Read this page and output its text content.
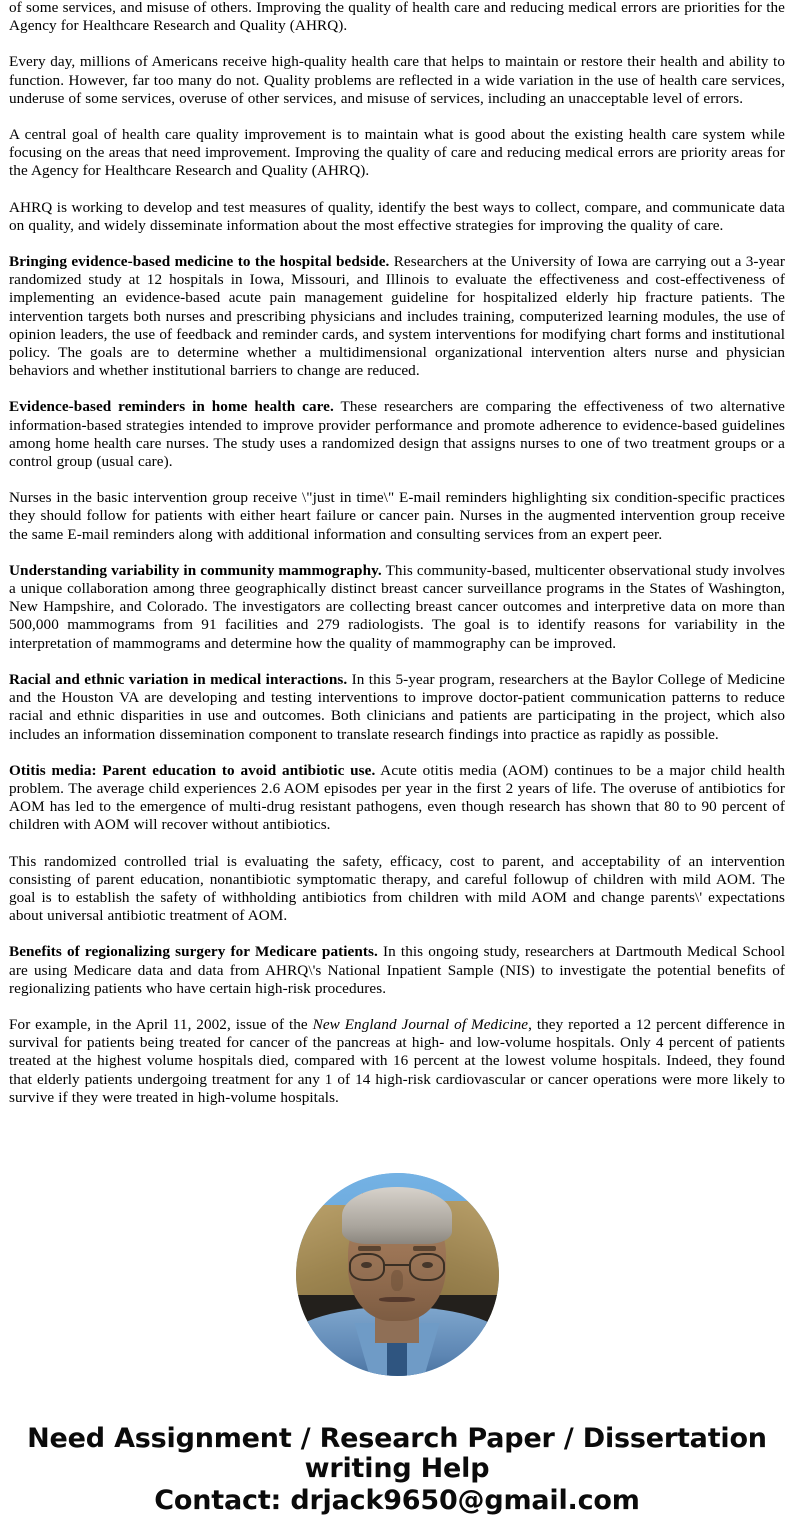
of some services, and misuse of others. Improving the quality of health care and reducing medical errors are priorities for the Agency for Healthcare Research and Quality (AHRQ).

Every day, millions of Americans receive high-quality health care that helps to maintain or restore their health and ability to function. However, far too many do not. Quality problems are reflected in a wide variation in the use of health care services, underuse of some services, overuse of other services, and misuse of services, including an unacceptable level of errors.

A central goal of health care quality improvement is to maintain what is good about the existing health care system while focusing on the areas that need improvement. Improving the quality of care and reducing medical errors are priority areas for the Agency for Healthcare Research and Quality (AHRQ).

AHRQ is working to develop and test measures of quality, identify the best ways to collect, compare, and communicate data on quality, and widely disseminate information about the most effective strategies for improving the quality of care.

Bringing evidence-based medicine to the hospital bedside. Researchers at the University of Iowa are carrying out a 3-year randomized study at 12 hospitals in Iowa, Missouri, and Illinois to evaluate the effectiveness and cost-effectiveness of implementing an evidence-based acute pain management guideline for hospitalized elderly hip fracture patients. The intervention targets both nurses and prescribing physicians and includes training, computerized learning modules, the use of opinion leaders, the use of feedback and reminder cards, and system interventions for modifying chart forms and institutional policy. The goals are to determine whether a multidimensional organizational intervention alters nurse and physician behaviors and whether institutional barriers to change are reduced.

Evidence-based reminders in home health care. These researchers are comparing the effectiveness of two alternative information-based strategies intended to improve provider performance and promote adherence to evidence-based guidelines among home health care nurses. The study uses a randomized design that assigns nurses to one of two treatment groups or a control group (usual care).

Nurses in the basic intervention group receive \"just in time\" E-mail reminders highlighting six condition-specific practices they should follow for patients with either heart failure or cancer pain. Nurses in the augmented intervention group receive the same E-mail reminders along with additional information and consulting services from an expert peer.

Understanding variability in community mammography. This community-based, multicenter observational study involves a unique collaboration among three geographically distinct breast cancer surveillance programs in the States of Washington, New Hampshire, and Colorado. The investigators are collecting breast cancer outcomes and interpretive data on more than 500,000 mammograms from 91 facilities and 279 radiologists. The goal is to identify reasons for variability in the interpretation of mammograms and determine how the quality of mammography can be improved.

Racial and ethnic variation in medical interactions. In this 5-year program, researchers at the Baylor College of Medicine and the Houston VA are developing and testing interventions to improve doctor-patient communication patterns to reduce racial and ethnic disparities in use and outcomes. Both clinicians and patients are participating in the project, which also includes an information dissemination component to translate research findings into practice as rapidly as possible.

Otitis media: Parent education to avoid antibiotic use. Acute otitis media (AOM) continues to be a major child health problem. The average child experiences 2.6 AOM episodes per year in the first 2 years of life. The overuse of antibiotics for AOM has led to the emergence of multi-drug resistant pathogens, even though research has shown that 80 to 90 percent of children with AOM will recover without antibiotics.

This randomized controlled trial is evaluating the safety, efficacy, cost to parent, and acceptability of an intervention consisting of parent education, nonantibiotic symptomatic therapy, and careful followup of children with mild AOM. The goal is to establish the safety of withholding antibiotics from children with mild AOM and change parents\' expectations about universal antibiotic treatment of AOM.

Benefits of regionalizing surgery for Medicare patients. In this ongoing study, researchers at Dartmouth Medical School are using Medicare data and data from AHRQ\'s National Inpatient Sample (NIS) to investigate the potential benefits of regionalizing patients who have certain high-risk procedures.

For example, in the April 11, 2002, issue of the New England Journal of Medicine, they reported a 12 percent difference in survival for patients being treated for cancer of the pancreas at high- and low-volume hospitals. Only 4 percent of patients treated at the highest volume hospitals died, compared with 16 percent at the lowest volume hospitals. Indeed, they found that elderly patients undergoing treatment for any 1 of 14 high-risk cardiovascular or cancer operations were more likely to survive if they were treated in high-volume hospitals.

Need Assignment / Research Paper / Dissertation
writing Help
Contact: drjack9650@gmail.com
